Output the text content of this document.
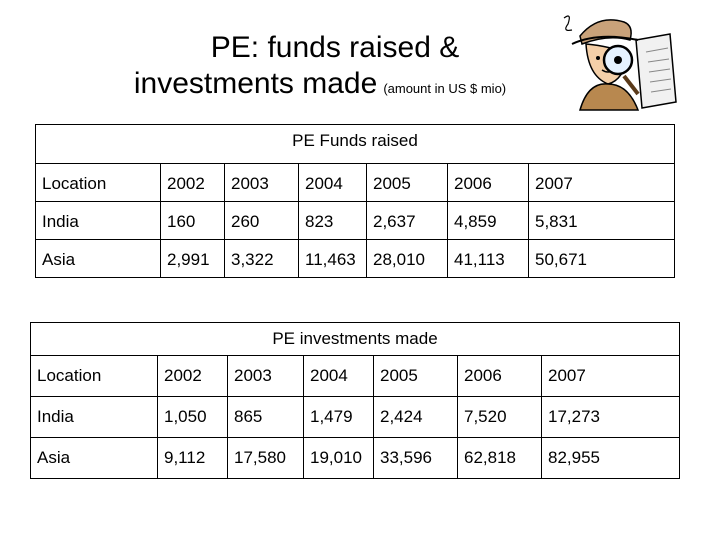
PE: funds raised &
investments made (amount in US $ mio)
PE Funds raised						
Location	2002	2003	2004	2005	2006	2007
India	160	260	823	2,637	4,859	5,831
Asia	2,991	3,322	11,463	28,010	41,113	50,671
PE investments made						
Location	2002	2003	2004	2005	2006	2007
India	1,050	865	1,479	2,424	7,520	17,273
Asia	9,112	17,580	19,010	33,596	62,818	82,955
